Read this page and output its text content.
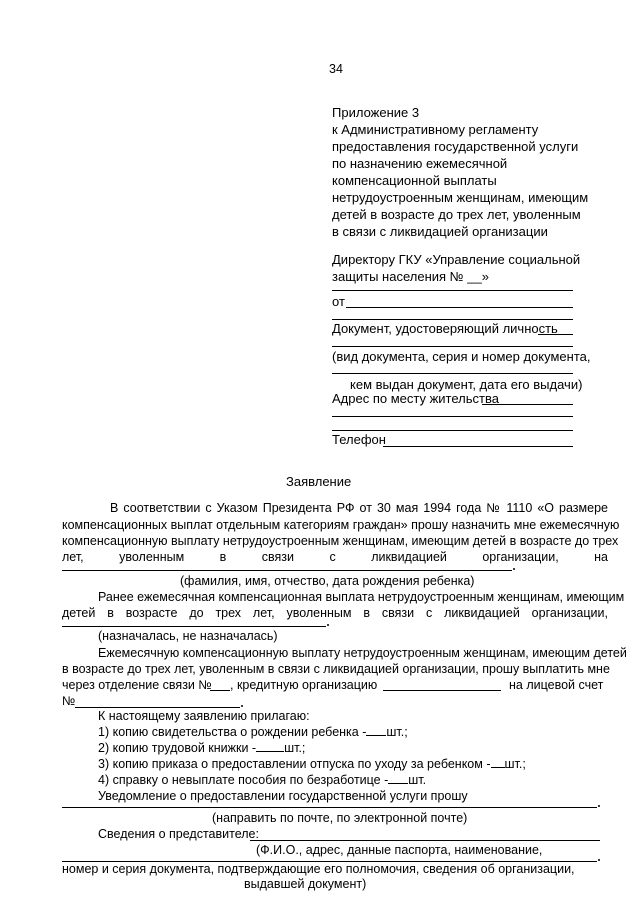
34
Приложение 3
к Административному регламенту
предоставления государственной услуги
по назначению ежемесячной
компенсационной выплаты
нетрудоустроенным женщинам, имеющим
детей в возрасте до трех лет, уволенным
в связи с ликвидацией организации
Директору ГКУ «Управление социальной
защиты населения № __»
от
Документ, удостоверяющий личность
(вид документа, серия и номер документа,
кем выдан документ, дата его выдачи)
Адрес по месту жительства
Телефон
Заявление
В соответствии с Указом Президента РФ от 30 мая 1994 года № 1110 «О размере
компенсационных выплат отдельным категориям граждан» прошу назначить мне ежемесячную
компенсационную выплату нетрудоустроенным женщинам, имеющим детей в возрасте до трех
лет,	уволенным	в	связи	с	ликвидацией	организации,	на
(фамилия, имя, отчество, дата рождения ребенка)
Ранее ежемесячная компенсационная выплата нетрудоустроенным женщинам, имеющим
детей в возрасте до трех лет, уволенным в связи с ликвидацией организации,
(назначалась, не назначалась)
Ежемесячную компенсационную выплату нетрудоустроенным женщинам, имеющим детей
в возрасте до трех лет, уволенным в связи с ликвидацией организации, прошу выплатить мне
через отделение связи № , кредитную организацию	на лицевой счет
№
К настоящему заявлению прилагаю:
1) копию свидетельства о рождении ребенка - шт.;
2) копию трудовой книжки - шт.;
3) копию приказа о предоставлении отпуска по уходу за ребенком - шт.;
4) справку о невыплате пособия по безработице - шт.
Уведомление о предоставлении государственной услуги прошу
(направить по почте, по электронной почте)
Сведения о представителе:
(Ф.И.О., адрес, данные паспорта, наименование,
номер и серия документа, подтверждающие его полномочия, сведения об организации,
выдавшей документ)
